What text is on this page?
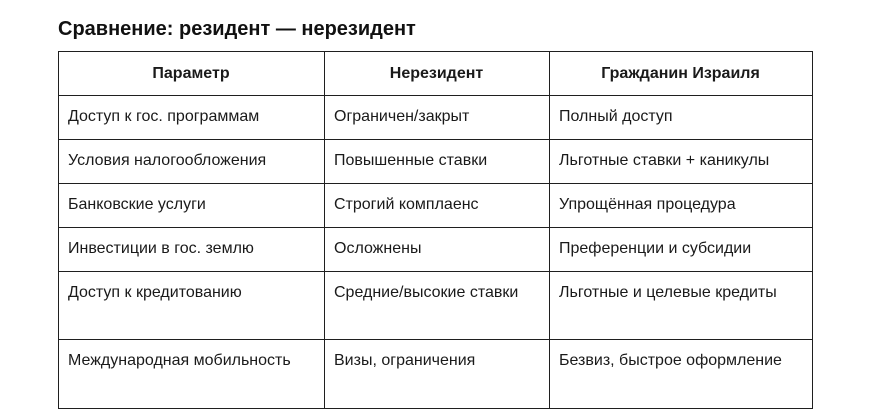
Сравнение: резидент — нерезидент
Параметр	Нерезидент	Гражданин Израиля
Доступ к гос. программам	Ограничен/закрыт	Полный доступ
Условия налогообложения	Повышенные ставки	Льготные ставки + каникулы
Банковские услуги	Строгий комплаенс	Упрощённая процедура
Инвестиции в гос. землю	Осложнены	Преференции и субсидии
Доступ к кредитованию	Средние/высокие ставки	Льготные и целевые кредиты
Международная мобильность	Визы, ограничения	Безвиз, быстрое оформление
